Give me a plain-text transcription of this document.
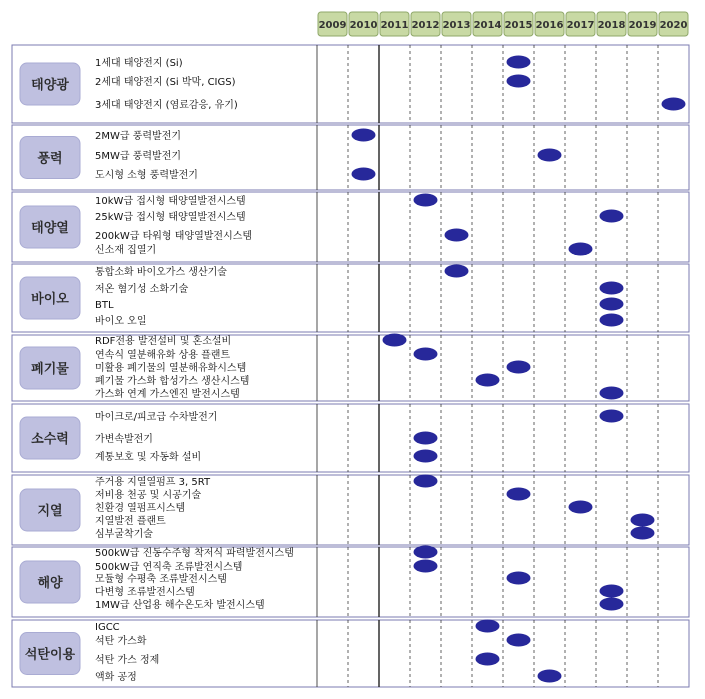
2009 2010 2011 2012 2013 2014 2015 2016 2017 2018 2019 2020
태양광
1세대 태양전지 (Si)
2세대 태양전지 (Si 박막, CIGS)
3세대 태양전지 (염료감응, 유기)
풍력
2MW급 풍력발전기
5MW급 풍력발전기
도시형 소형 풍력발전기
태양열
10kW급 접시형 태양열발전시스템
25kW급 접시형 태양열발전시스템
200kW급 타워형 태양열발전시스템
신소재 집열기
바이오
통합소화 바이오가스 생산기술
저온 혐기성 소화기술
BTL
바이오 오일
폐기물
RDF전용 발전설비 및 혼소설비
연속식 열분해유화 상용 플랜트
미활용 폐기물의 열분해유화시스템
폐기물 가스화 합성가스 생산시스템
가스화 연계 가스엔진 발전시스템
소수력
마이크로/피코급 수차발전기
가변속발전기
계통보호 및 자동화 설비
지열
주거용 지열열펌프 3, 5RT
저비용 천공 및 시공기술
친환경 열펌프시스템
지열발전 플랜트
심부굴착기술
해양
500kW급 진동수주형 착저식 파력발전시스템
500kW급 연직축 조류발전시스템
모듈형 수평축 조류발전시스템
다변형 조류발전시스템
1MW급 산업용 해수온도차 발전시스템
석탄이용
IGCC
석탄 가스화
석탄 가스 정제
액화 공정
